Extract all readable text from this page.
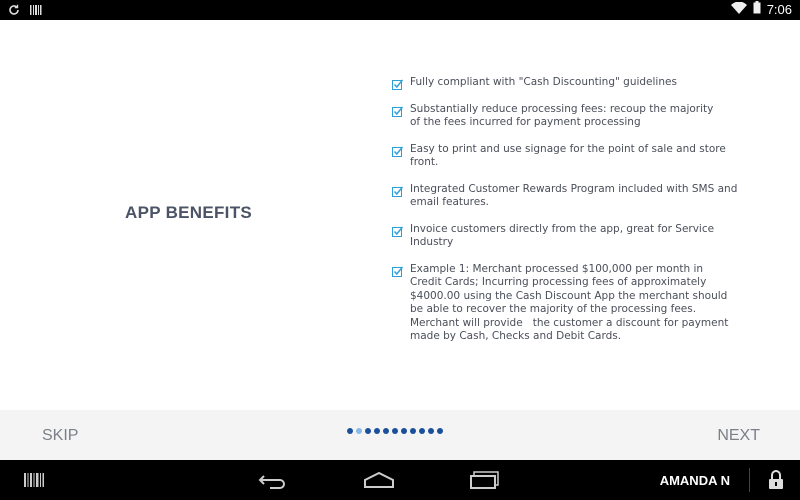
7:06
APP BENEFITS
Fully compliant with "Cash Discounting" guidelines
Substantially reduce processing fees: recoup the majority
of the fees incurred for payment processing
Easy to print and use signage for the point of sale and store
front.
Integrated Customer Rewards Program included with SMS and
email features.
Invoice customers directly from the app, great for Service
Industry
Example 1: Merchant processed $100,000 per month in
Credit Cards; Incurring processing fees of approximately
$4000.00 using the Cash Discount App the merchant should
be able to recover the majority of the processing fees.
Merchant will provide   the customer a discount for payment
made by Cash, Checks and Debit Cards.
SKIP	NEXT
AMANDA N
